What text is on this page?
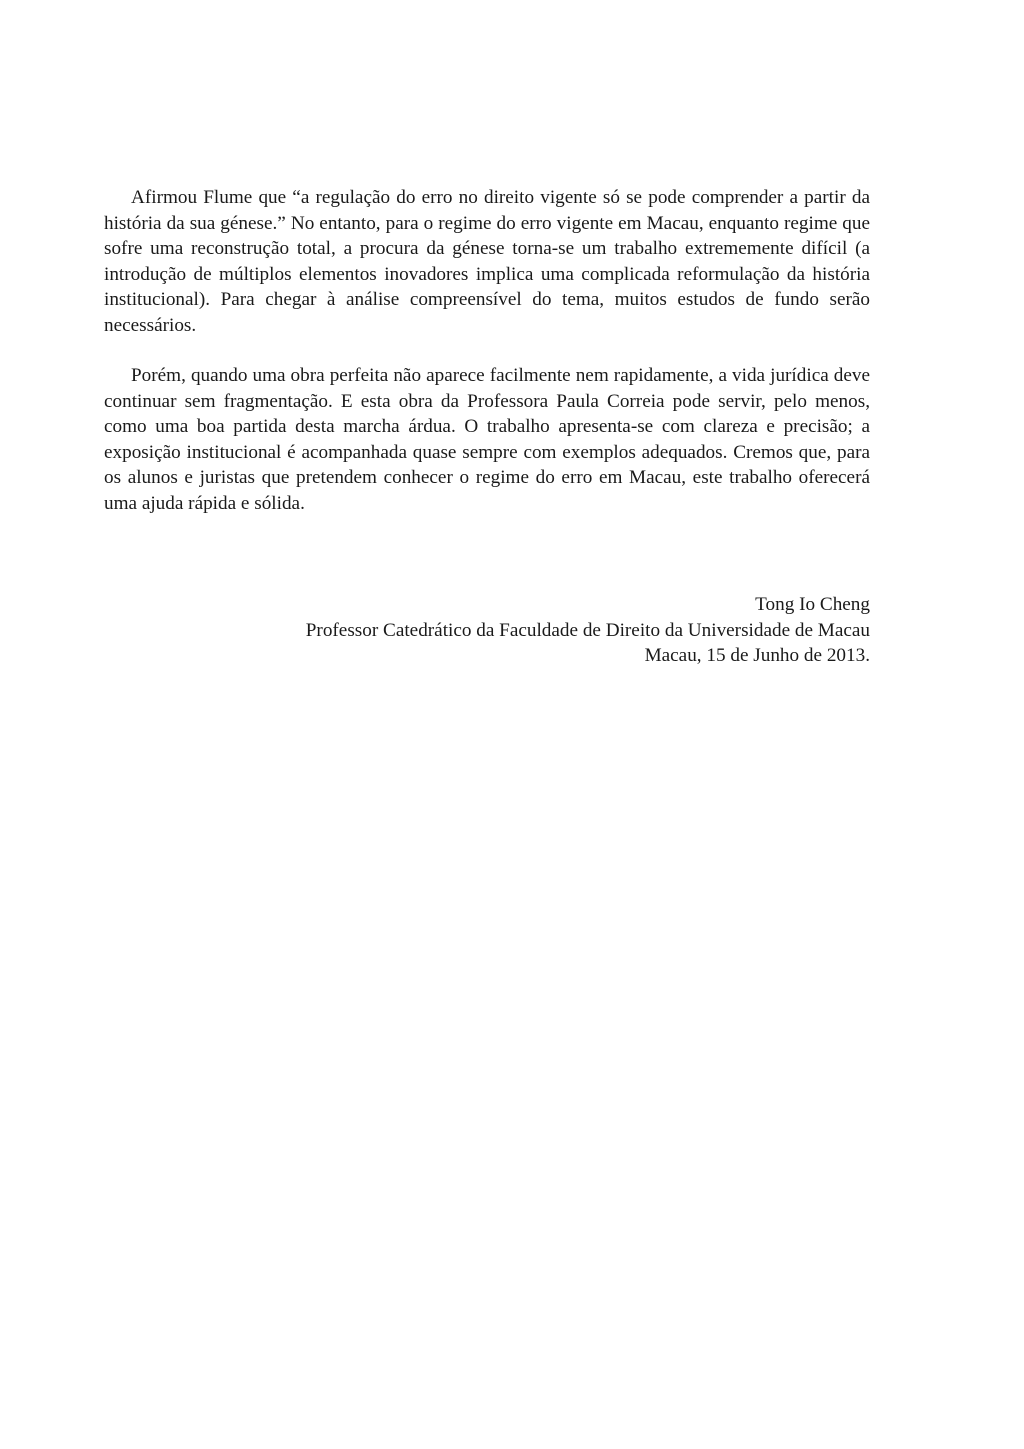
Afirmou Flume que “a regulação do erro no direito vigente só se pode comprender a partir da história da sua génese.” No entanto, para o regime do erro vigente em Macau, enquanto regime que sofre uma reconstrução total, a procura da génese torna-se um trabalho extrememente difícil (a introdução de múltiplos elementos inovadores implica uma complicada reformulação da história institucional). Para chegar à análise compreensível do tema, muitos estudos de fundo serão necessários.

Porém, quando uma obra perfeita não aparece facilmente nem rapidamente, a vida jurídica deve continuar sem fragmentação. E esta obra da Professora Paula Correia pode servir, pelo menos, como uma boa partida desta marcha árdua. O trabalho apresenta-se com clareza e precisão; a exposição institucional é acompanhada quase sempre com exemplos adequados. Cremos que, para os alunos e juristas que pretendem conhecer o regime do erro em Macau, este trabalho oferecerá uma ajuda rápida e sólida.

Tong Io Cheng
Professor Catedrático da Faculdade de Direito da Universidade de Macau
Macau, 15 de Junho de 2013.
